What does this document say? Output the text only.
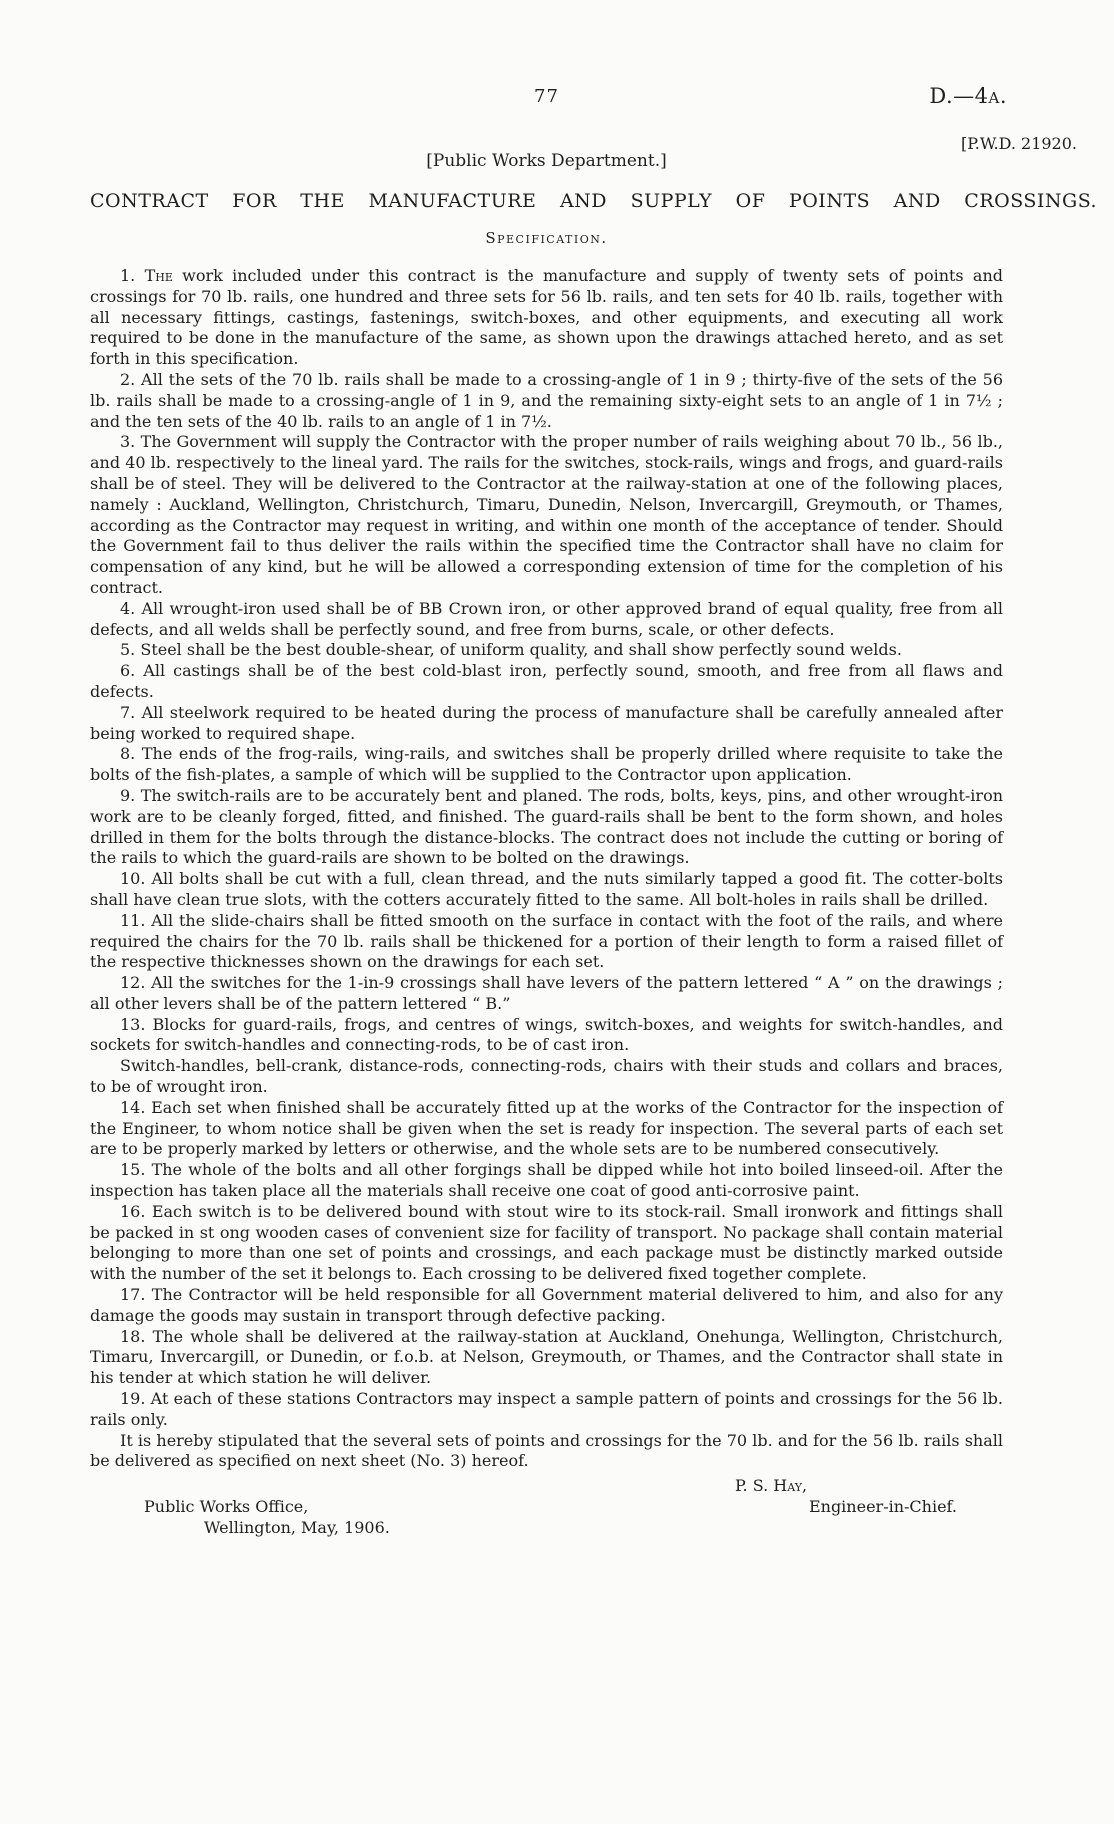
77	D.—4a.
[P.W.D. 21920.
[Public Works Department.]
CONTRACT FOR THE MANUFACTURE AND SUPPLY OF POINTS AND CROSSINGS.
Specification.

1. The work included under this contract is the manufacture and supply of twenty sets of points and crossings for 70 lb. rails, one hundred and three sets for 56 lb. rails, and ten sets for 40 lb. rails, together with all necessary fittings, castings, fastenings, switch-boxes, and other equipments, and executing all work required to be done in the manufacture of the same, as shown upon the drawings attached hereto, and as set forth in this specification.

2. All the sets of the 70 lb. rails shall be made to a crossing-angle of 1 in 9 ; thirty-five of the sets of the 56 lb. rails shall be made to a crossing-angle of 1 in 9, and the remaining sixty-eight sets to an angle of 1 in 7½ ; and the ten sets of the 40 lb. rails to an angle of 1 in 7½.

3. The Government will supply the Contractor with the proper number of rails weighing about 70 lb., 56 lb., and 40 lb. respectively to the lineal yard. The rails for the switches, stock-rails, wings and frogs, and guard-rails shall be of steel. They will be delivered to the Contractor at the railway-station at one of the following places, namely : Auckland, Wellington, Christchurch, Timaru, Dunedin, Nelson, Invercargill, Greymouth, or Thames, according as the Contractor may request in writing, and within one month of the acceptance of tender. Should the Government fail to thus deliver the rails within the specified time the Contractor shall have no claim for compensation of any kind, but he will be allowed a corresponding extension of time for the completion of his contract.

4. All wrought-iron used shall be of BB Crown iron, or other approved brand of equal quality, free from all defects, and all welds shall be perfectly sound, and free from burns, scale, or other defects.

5. Steel shall be the best double-shear, of uniform quality, and shall show perfectly sound welds.

6. All castings shall be of the best cold-blast iron, perfectly sound, smooth, and free from all flaws and defects.

7. All steelwork required to be heated during the process of manufacture shall be carefully annealed after being worked to required shape.

8. The ends of the frog-rails, wing-rails, and switches shall be properly drilled where requisite to take the bolts of the fish-plates, a sample of which will be supplied to the Contractor upon application.

9. The switch-rails are to be accurately bent and planed. The rods, bolts, keys, pins, and other wrought-iron work are to be cleanly forged, fitted, and finished. The guard-rails shall be bent to the form shown, and holes drilled in them for the bolts through the distance-blocks. The contract does not include the cutting or boring of the rails to which the guard-rails are shown to be bolted on the drawings.

10. All bolts shall be cut with a full, clean thread, and the nuts similarly tapped a good fit. The cotter-bolts shall have clean true slots, with the cotters accurately fitted to the same. All bolt-holes in rails shall be drilled.

11. All the slide-chairs shall be fitted smooth on the surface in contact with the foot of the rails, and where required the chairs for the 70 lb. rails shall be thickened for a portion of their length to form a raised fillet of the respective thicknesses shown on the drawings for each set.

12. All the switches for the 1-in-9 crossings shall have levers of the pattern lettered “ A ” on the drawings ; all other levers shall be of the pattern lettered “ B.”

13. Blocks for guard-rails, frogs, and centres of wings, switch-boxes, and weights for switch-handles, and sockets for switch-handles and connecting-rods, to be of cast iron.

Switch-handles, bell-crank, distance-rods, connecting-rods, chairs with their studs and collars and braces, to be of wrought iron.

14. Each set when finished shall be accurately fitted up at the works of the Contractor for the inspection of the Engineer, to whom notice shall be given when the set is ready for inspection. The several parts of each set are to be properly marked by letters or otherwise, and the whole sets are to be numbered consecutively.

15. The whole of the bolts and all other forgings shall be dipped while hot into boiled linseed-oil. After the inspection has taken place all the materials shall receive one coat of good anti-corrosive paint.

16. Each switch is to be delivered bound with stout wire to its stock-rail. Small ironwork and fittings shall be packed in st ong wooden cases of convenient size for facility of transport. No package shall contain material belonging to more than one set of points and crossings, and each package must be distinctly marked outside with the number of the set it belongs to. Each crossing to be delivered fixed together complete.

17. The Contractor will be held responsible for all Government material delivered to him, and also for any damage the goods may sustain in transport through defective packing.

18. The whole shall be delivered at the railway-station at Auckland, Onehunga, Wellington, Christchurch, Timaru, Invercargill, or Dunedin, or f.o.b. at Nelson, Greymouth, or Thames, and the Contractor shall state in his tender at which station he will deliver.

19. At each of these stations Contractors may inspect a sample pattern of points and crossings for the 56 lb. rails only.

It is hereby stipulated that the several sets of points and crossings for the 70 lb. and for the 56 lb. rails shall be delivered as specified on next sheet (No. 3) hereof.

P. S. Hay,
Public Works Office,	Engineer-in-Chief.
Wellington, May, 1906.
